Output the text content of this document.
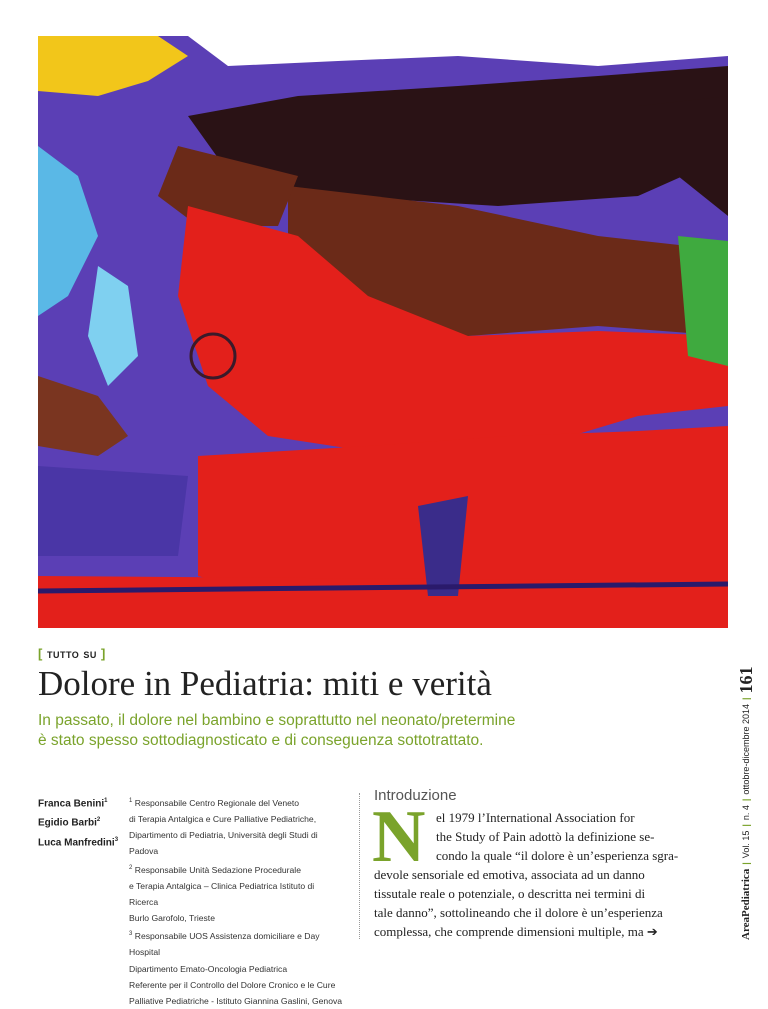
[ tutto su ]
Dolore in Pediatria: miti e verità
In passato, il dolore nel bambino e soprattutto nel neonato/pretermine
è stato spesso sottodiagnosticato e di conseguenza sottotrattato.
Franca Benini$^1$
Egidio Barbi$^2$
Luca Manfredini$^3$
$^1$ Responsabile Centro Regionale del Veneto
di Terapia Antalgica e Cure Palliative Pediatriche,
Dipartimento di Pediatria, Università degli Studi di Padova
$^2$ Responsabile Unità Sedazione Procedurale
e Terapia Antalgica – Clinica Pediatrica Istituto di Ricerca
Burlo Garofolo, Trieste
$^3$ Responsabile UOS Assistenza domiciliare e Day Hospital
Dipartimento Emato-Oncologia Pediatrica
Referente per il Controllo del Dolore Cronico e le Cure
Palliative Pediatriche - Istituto Giannina Gaslini, Genova
Introduzione
N el 1979 l’International Association for
the Study of Pain adottò la definizione se-
condo la quale “il dolore è un’esperienza sgra-
devole sensoriale ed emotiva, associata ad un danno
tissutale reale o potenziale, o descritta nei termini di
tale danno”, sottolineando che il dolore è un’esperienza
complessa, che comprende dimensioni multiple, ma ➔	AreaPediatrica
|
Vol. 15
|
n. 4
|
ottobre-dicembre 2014
|
161
